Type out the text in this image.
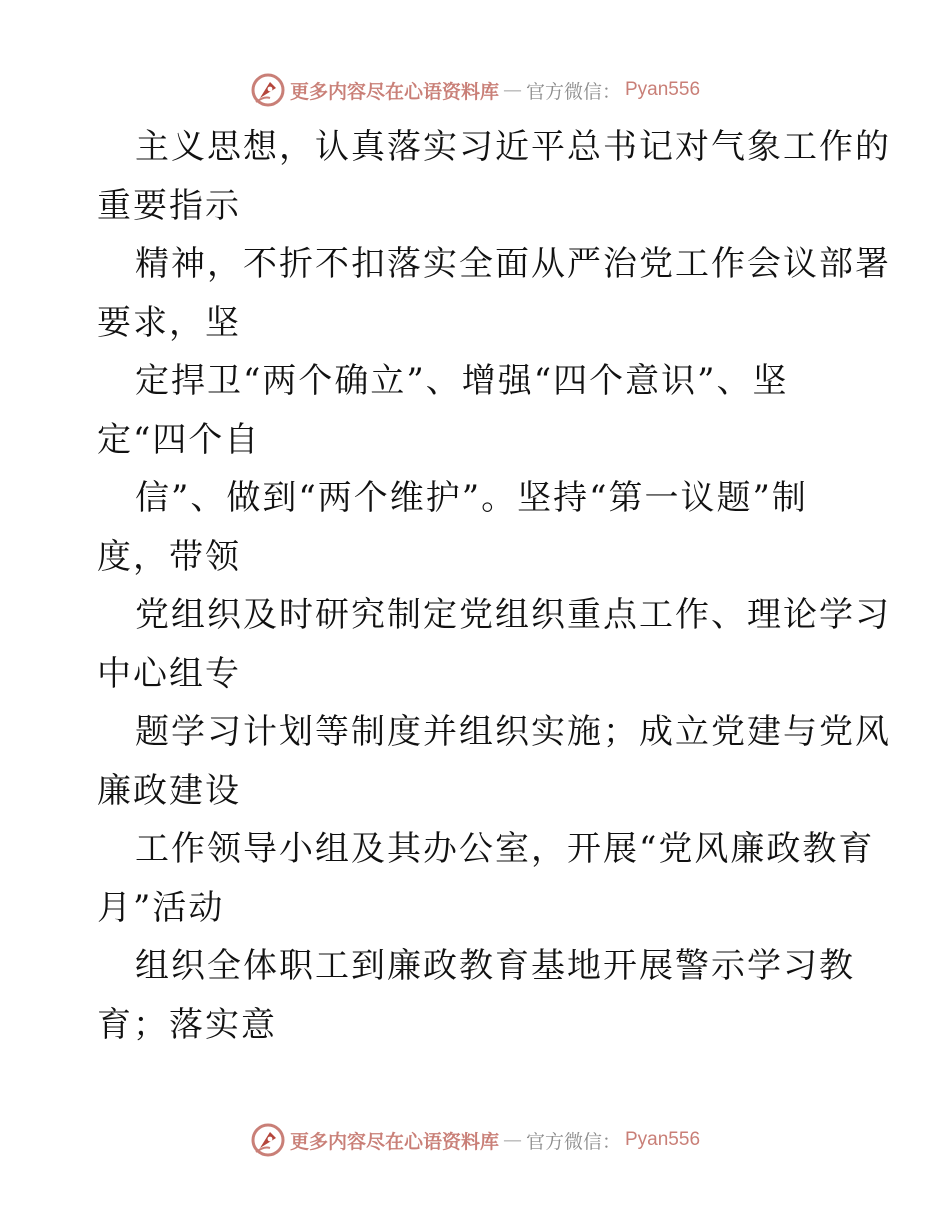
更多内容尽在心语资料库 — 官方微信： Pyan556
主义思想，认真落实习近平总书记对气象工作的
重要指示
精神，不折不扣落实全面从严治党工作会议部署
要求，坚
定捍卫“两个确立”、增强“四个意识”、坚
定“四个自
信”、做到“两个维护”。坚持“第一议题”制
度，带领
党组织及时研究制定党组织重点工作、理论学习
中心组专
题学习计划等制度并组织实施；成立党建与党风
廉政建设
工作领导小组及其办公室，开展“党风廉政教育
月”活动
组织全体职工到廉政教育基地开展警示学习教
育；落实意
更多内容尽在心语资料库 — 官方微信： Pyan556
